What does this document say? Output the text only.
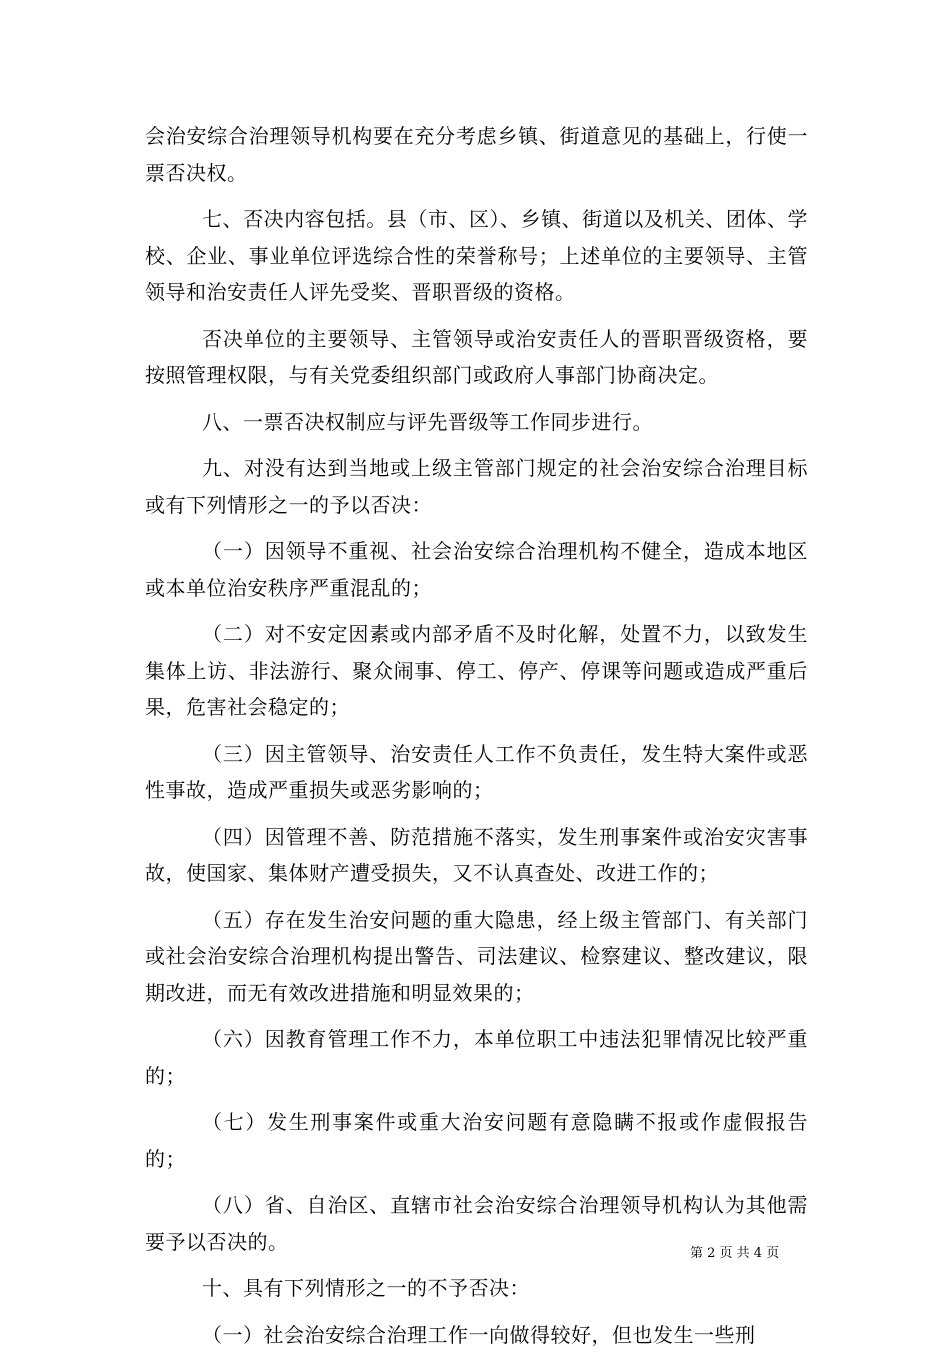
会治安综合治理领导机构要在充分考虑乡镇、街道意见的基础上，行使一票否决权。

七、否决内容包括。县（市、区）、乡镇、街道以及机关、团体、学校、企业、事业单位评选综合性的荣誉称号；上述单位的主要领导、主管领导和治安责任人评先受奖、晋职晋级的资格。

否决单位的主要领导、主管领导或治安责任人的晋职晋级资格，要按照管理权限，与有关党委组织部门或政府人事部门协商决定。

八、一票否决权制应与评先晋级等工作同步进行。

九、对没有达到当地或上级主管部门规定的社会治安综合治理目标或有下列情形之一的予以否决：

（一）因领导不重视、社会治安综合治理机构不健全，造成本地区或本单位治安秩序严重混乱的；

（二）对不安定因素或内部矛盾不及时化解，处置不力，以致发生集体上访、非法游行、聚众闹事、停工、停产、停课等问题或造成严重后果，危害社会稳定的；

（三）因主管领导、治安责任人工作不负责任，发生特大案件或恶性事故，造成严重损失或恶劣影响的；

（四）因管理不善、防范措施不落实，发生刑事案件或治安灾害事故，使国家、集体财产遭受损失，又不认真查处、改进工作的；

（五）存在发生治安问题的重大隐患，经上级主管部门、有关部门或社会治安综合治理机构提出警告、司法建议、检察建议、整改建议，限期改进，而无有效改进措施和明显效果的；

（六）因教育管理工作不力，本单位职工中违法犯罪情况比较严重的；

（七）发生刑事案件或重大治安问题有意隐瞒不报或作虚假报告的；

（八）省、自治区、直辖市社会治安综合治理领导机构认为其他需要予以否决的。

十、具有下列情形之一的不予否决：

（一）社会治安综合治理工作一向做得较好，但也发生一些刑

第 2 页 共 4 页
